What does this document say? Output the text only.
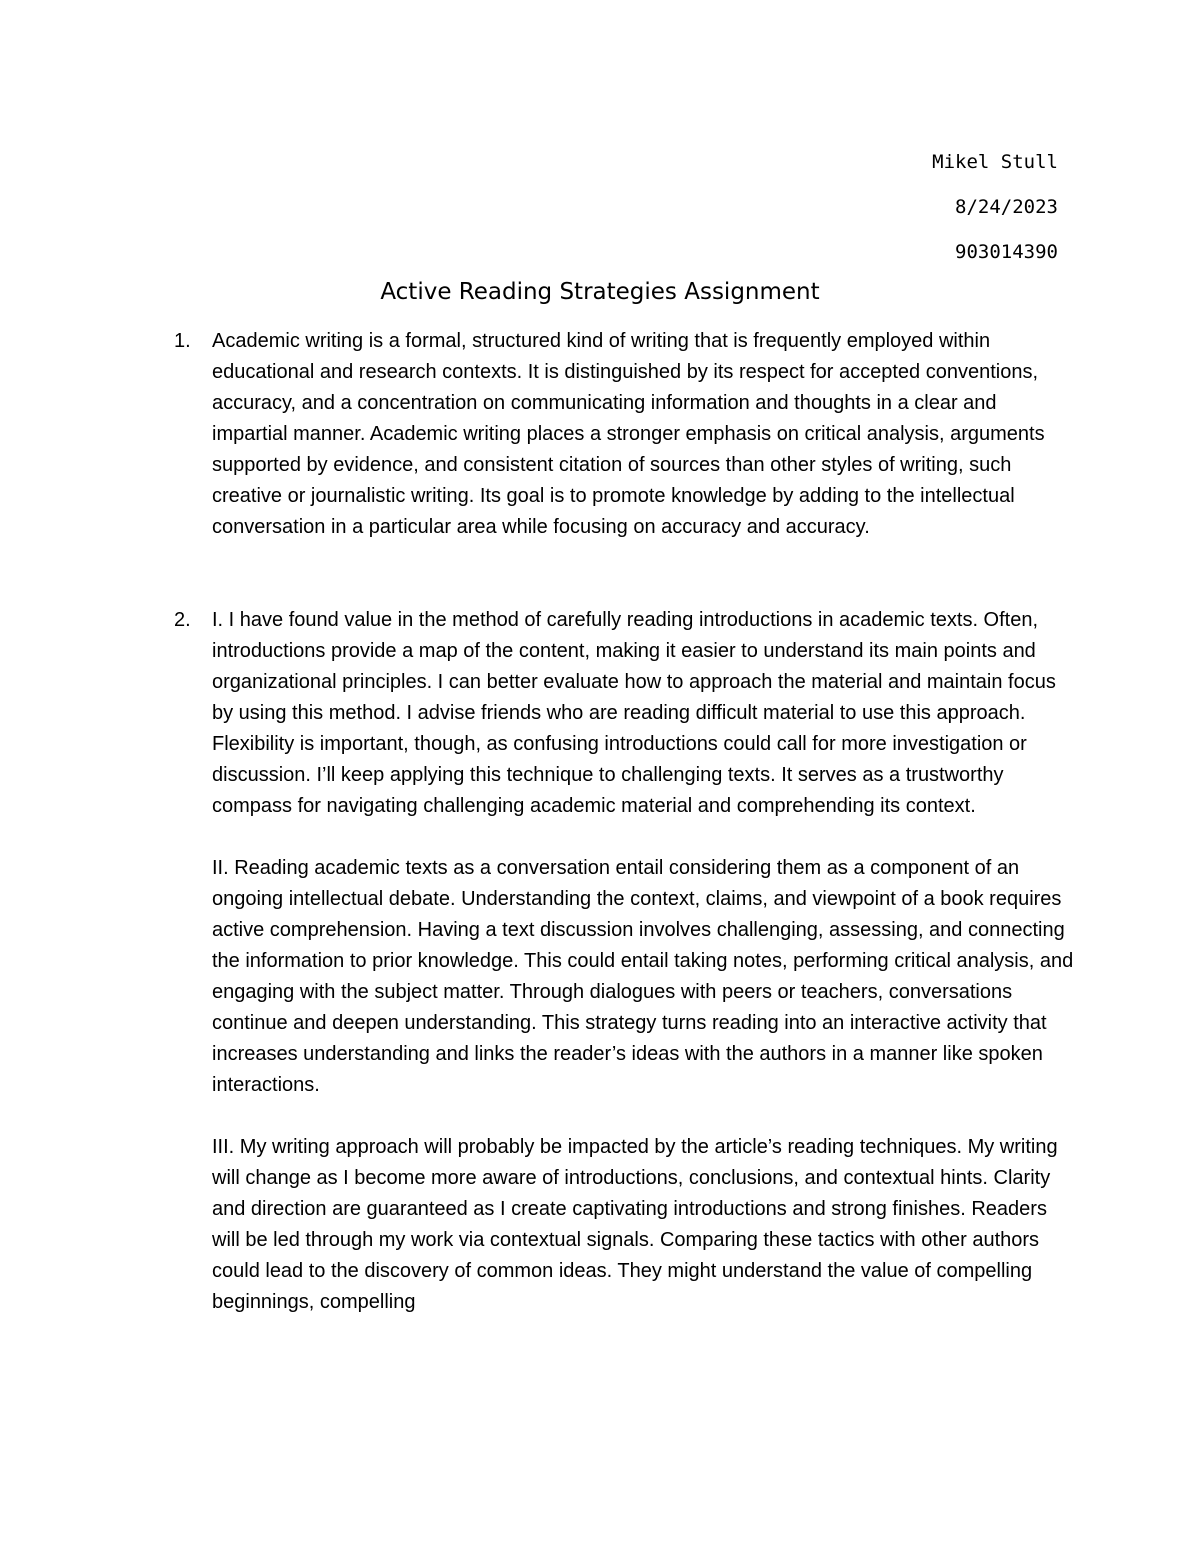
Mikel Stull
8/24/2023
903014390
Active Reading Strategies Assignment
1.	Academic writing is a formal, structured kind of writing that is frequently employed within educational and research contexts. It is distinguished by its respect for accepted conventions, accuracy, and a concentration on communicating information and thoughts in a clear and impartial manner. Academic writing places a stronger emphasis on critical analysis, arguments supported by evidence, and consistent citation of sources than other styles of writing, such creative or journalistic writing. Its goal is to promote knowledge by adding to the intellectual conversation in a particular area while focusing on accuracy and accuracy.

2.	I. I have found value in the method of carefully reading introductions in academic texts. Often, introductions provide a map of the content, making it easier to understand its main points and organizational principles. I can better evaluate how to approach the material and maintain focus by using this method. I advise friends who are reading difficult material to use this approach. Flexibility is important, though, as confusing introductions could call for more investigation or discussion. I’ll keep applying this technique to challenging texts. It serves as a trustworthy compass for navigating challenging academic material and comprehending its context.

II. Reading academic texts as a conversation entail considering them as a component of an ongoing intellectual debate. Understanding the context, claims, and viewpoint of a book requires active comprehension. Having a text discussion involves challenging, assessing, and connecting the information to prior knowledge. This could entail taking notes, performing critical analysis, and engaging with the subject matter. Through dialogues with peers or teachers, conversations continue and deepen understanding. This strategy turns reading into an interactive activity that increases understanding and links the reader’s ideas with the authors in a manner like spoken interactions.

III. My writing approach will probably be impacted by the article’s reading techniques. My writing will change as I become more aware of introductions, conclusions, and contextual hints. Clarity and direction are guaranteed as I create captivating introductions and strong finishes. Readers will be led through my work via contextual signals. Comparing these tactics with other authors could lead to the discovery of common ideas. They might understand the value of compelling beginnings, compelling
